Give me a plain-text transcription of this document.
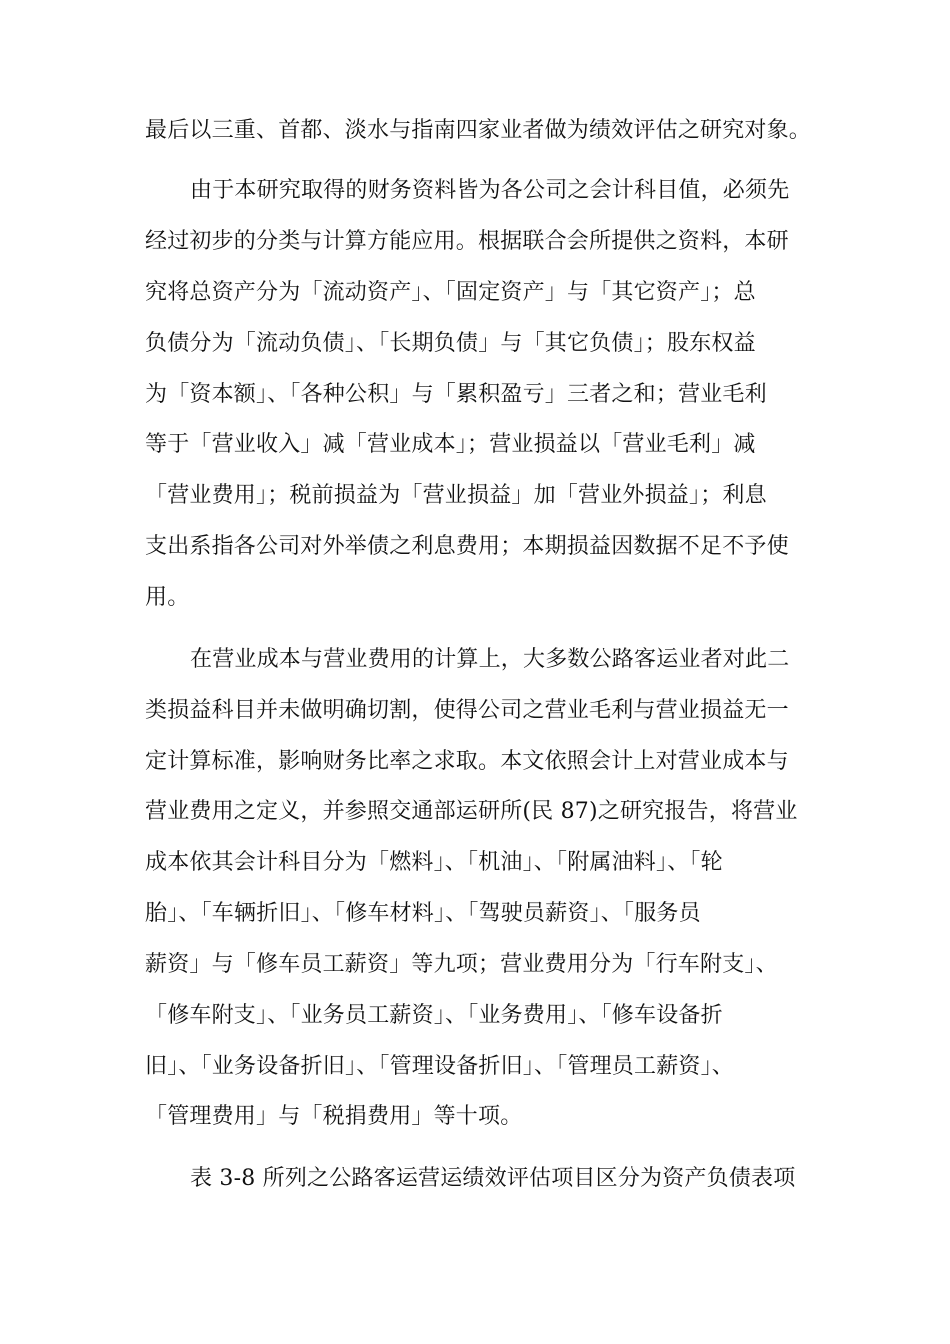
最后以三重、首都、淡水与指南四家业者做为绩效评估之研究对象。

由于本研究取得的财务资料皆为各公司之会计科目值，必须先

经过初步的分类与计算方能应用。根据联合会所提供之资料，本研

究将总资产分为「流动资产」、「固定资产」与「其它资产」；总

负债分为「流动负债」、「长期负债」与「其它负债」；股东权益

为「资本额」、「各种公积」与「累积盈亏」三者之和；营业毛利

等于「营业收入」减「营业成本」；营业损益以「营业毛利」减

「营业费用」；税前损益为「营业损益」加「营业外损益」；利息

支出系指各公司对外举债之利息费用；本期损益因数据不足不予使

用。

在营业成本与营业费用的计算上，大多数公路客运业者对此二

类损益科目并未做明确切割，使得公司之营业毛利与营业损益无一

定计算标准，影响财务比率之求取。本文依照会计上对营业成本与

营业费用之定义，并参照交通部运研所(民 87)之研究报告，将营业

成本依其会计科目分为「燃料」、「机油」、「附属油料」、「轮

胎」、「车辆折旧」、「修车材料」、「驾驶员薪资」、「服务员

薪资」与「修车员工薪资」等九项；营业费用分为「行车附支」、

「修车附支」、「业务员工薪资」、「业务费用」、「修车设备折

旧」、「业务设备折旧」、「管理设备折旧」、「管理员工薪资」、

「管理费用」与「税捐费用」等十项。

表 3-8 所列之公路客运营运绩效评估项目区分为资产负债表项
